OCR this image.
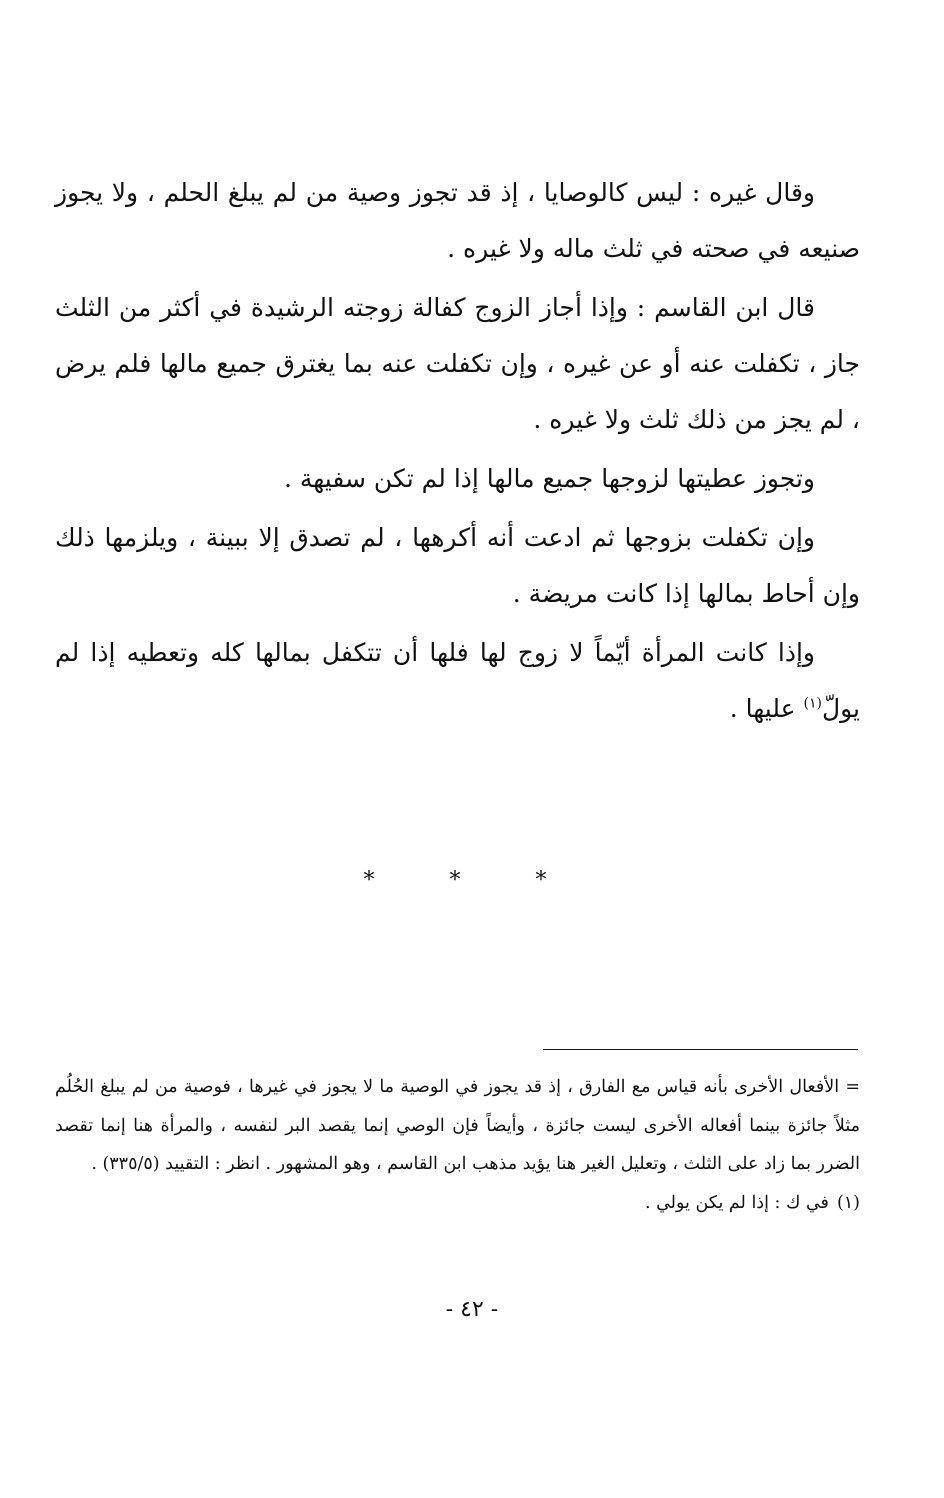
وقال غيره : ليس كالوصايا ، إذ قد تجوز وصية من لم يبلغ الحلم ، ولا يجوز صنيعه في صحته في ثلث ماله ولا غيره .

قال ابن القاسم : وإذا أجاز الزوج كفالة زوجته الرشيدة في أكثر من الثلث جاز ، تكفلت عنه أو عن غيره ، وإن تكفلت عنه بما يغترق جميع مالها فلم يرض ، لم يجز من ذلك ثلث ولا غيره .

وتجوز عطيتها لزوجها جميع مالها إذا لم تكن سفيهة .

وإن تكفلت بزوجها ثم ادعت أنه أكرهها ، لم تصدق إلا ببينة ، ويلزمها ذلك وإن أحاط بمالها إذا كانت مريضة .

وإذا كانت المرأة أيّماً لا زوج لها فلها أن تتكفل بمالها كله وتعطيه إذا لم يولّ$^{(١)}$ عليها .

* * *

= الأفعال الأخرى بأنه قياس مع الفارق ، إذ قد يجوز في الوصية ما لا يجوز في غيرها ، فوصية من لم يبلغ الحُلُم مثلاً جائزة بينما أفعاله الأخرى ليست جائزة ، وأيضاً فإن الوصي إنما يقصد البر لنفسه ، والمرأة هنا إنما تقصد الضرر بما زاد على الثلث ، وتعليل الغير هنا يؤيد مذهب ابن القاسم ، وهو المشهور . انظر : التقييد (٣٣٥/٥) .

(١)في ك : إذا لم يكن يولي .

- ٤٢ -
